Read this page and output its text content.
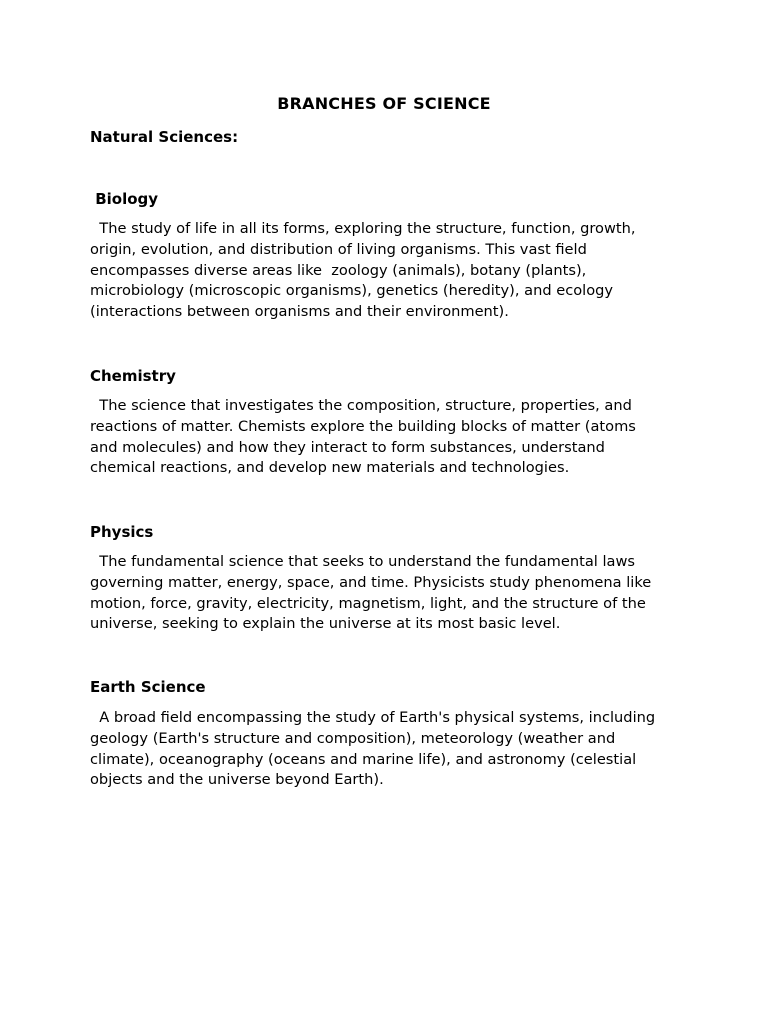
BRANCHES OF SCIENCE
Natural Sciences:
Biology

The study of life in all its forms, exploring the structure, function, growth,
origin, evolution, and distribution of living organisms. This vast field
encompasses diverse areas like  zoology (animals), botany (plants),
microbiology (microscopic organisms), genetics (heredity), and ecology
(interactions between organisms and their environment).

Chemistry

The science that investigates the composition, structure, properties, and
reactions of matter. Chemists explore the building blocks of matter (atoms
and molecules) and how they interact to form substances, understand
chemical reactions, and develop new materials and technologies.

Physics

The fundamental science that seeks to understand the fundamental laws
governing matter, energy, space, and time. Physicists study phenomena like
motion, force, gravity, electricity, magnetism, light, and the structure of the
universe, seeking to explain the universe at its most basic level.

Earth Science

A broad field encompassing the study of Earth's physical systems, including
geology (Earth's structure and composition), meteorology (weather and
climate), oceanography (oceans and marine life), and astronomy (celestial
objects and the universe beyond Earth).
